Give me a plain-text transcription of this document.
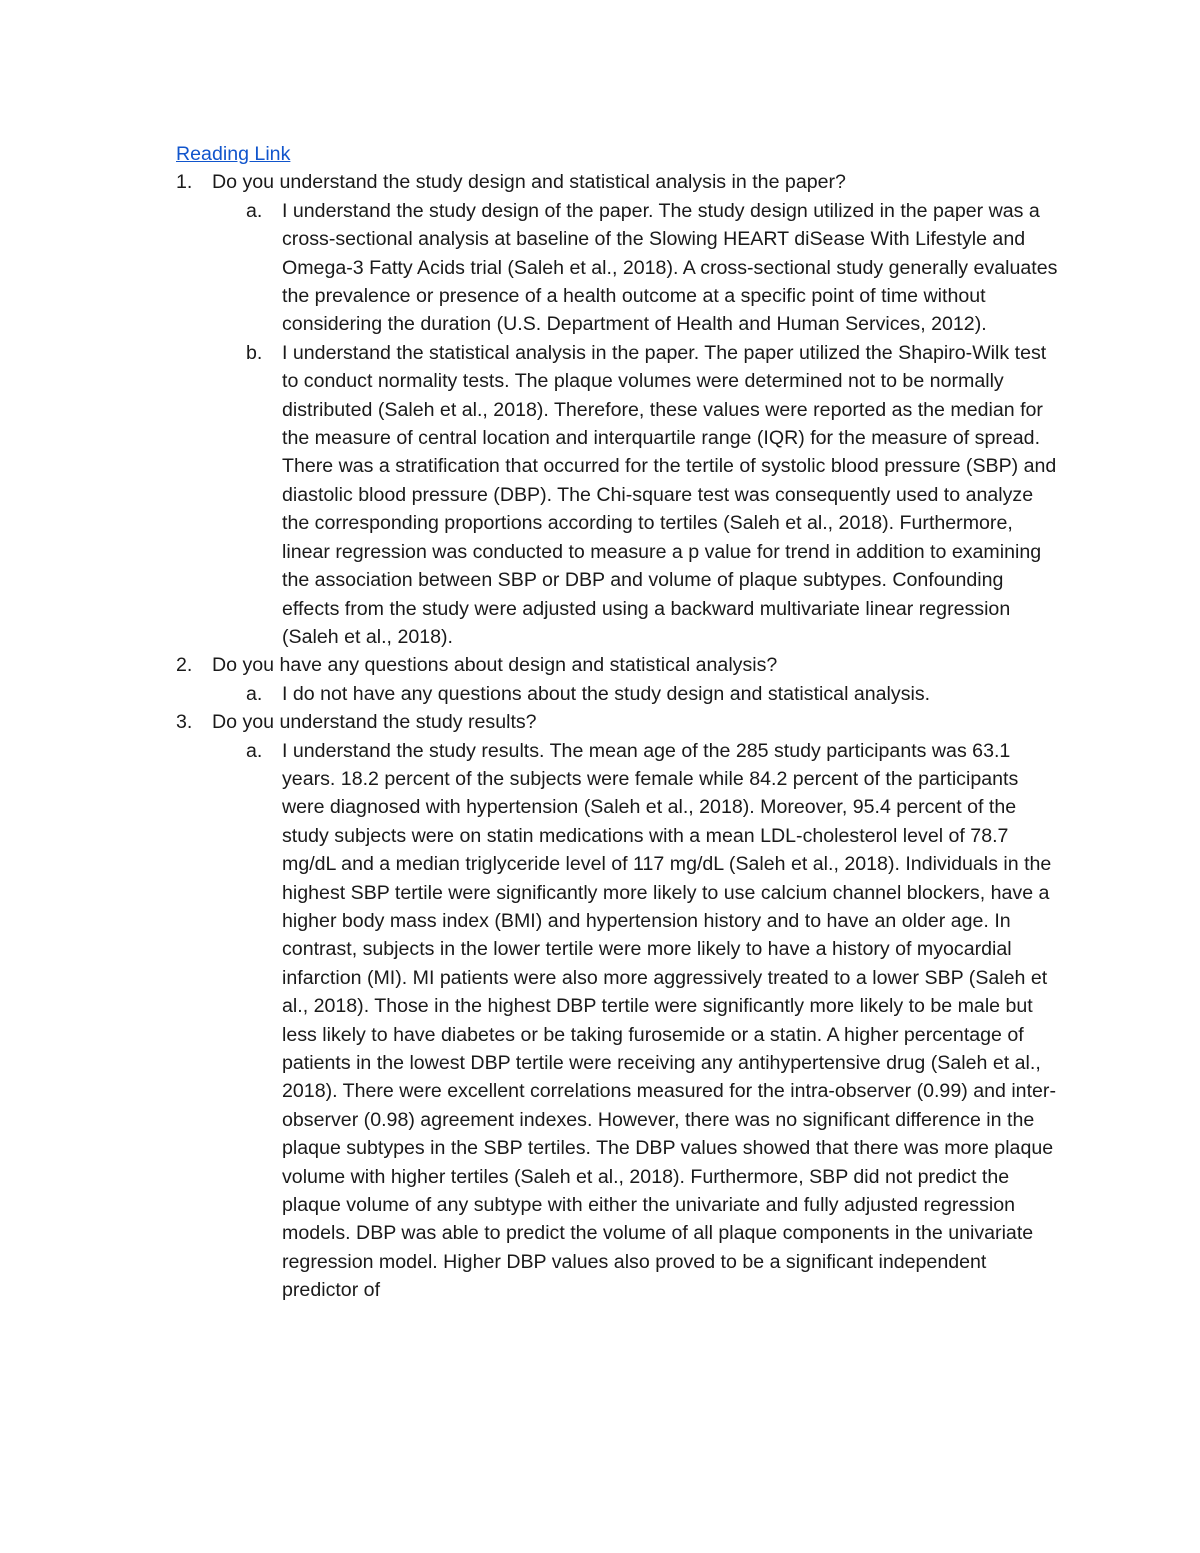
Reading Link
1. Do you understand the study design and statistical analysis in the paper?
a. I understand the study design of the paper. The study design utilized in the paper was a cross-sectional analysis at baseline of the Slowing HEART diSease With Lifestyle and Omega-3 Fatty Acids trial (Saleh et al., 2018). A cross-sectional study generally evaluates the prevalence or presence of a health outcome at a specific point of time without considering the duration (U.S. Department of Health and Human Services, 2012).
b. I understand the statistical analysis in the paper. The paper utilized the Shapiro-Wilk test to conduct normality tests. The plaque volumes were determined not to be normally distributed (Saleh et al., 2018). Therefore, these values were reported as the median for the measure of central location and interquartile range (IQR) for the measure of spread. There was a stratification that occurred for the tertile of systolic blood pressure (SBP) and diastolic blood pressure (DBP). The Chi-square test was consequently used to analyze the corresponding proportions according to tertiles (Saleh et al., 2018). Furthermore, linear regression was conducted to measure a p value for trend in addition to examining the association between SBP or DBP and volume of plaque subtypes. Confounding effects from the study were adjusted using a backward multivariate linear regression (Saleh et al., 2018).
2. Do you have any questions about design and statistical analysis?
a. I do not have any questions about the study design and statistical analysis.
3. Do you understand the study results?
a. I understand the study results. The mean age of the 285 study participants was 63.1 years. 18.2 percent of the subjects were female while 84.2 percent of the participants were diagnosed with hypertension (Saleh et al., 2018). Moreover, 95.4 percent of the study subjects were on statin medications with a mean LDL-cholesterol level of 78.7 mg/dL and a median triglyceride level of 117 mg/dL (Saleh et al., 2018). Individuals in the highest SBP tertile were significantly more likely to use calcium channel blockers, have a higher body mass index (BMI) and hypertension history and to have an older age. In contrast, subjects in the lower tertile were more likely to have a history of myocardial infarction (MI). MI patients were also more aggressively treated to a lower SBP (Saleh et al., 2018). Those in the highest DBP tertile were significantly more likely to be male but less likely to have diabetes or be taking furosemide or a statin. A higher percentage of patients in the lowest DBP tertile were receiving any antihypertensive drug (Saleh et al., 2018). There were excellent correlations measured for the intra-observer (0.99) and inter-observer (0.98) agreement indexes. However, there was no significant difference in the plaque subtypes in the SBP tertiles. The DBP values showed that there was more plaque volume with higher tertiles (Saleh et al., 2018). Furthermore, SBP did not predict the plaque volume of any subtype with either the univariate and fully adjusted regression models. DBP was able to predict the volume of all plaque components in the univariate regression model. Higher DBP values also proved to be a significant independent predictor of
